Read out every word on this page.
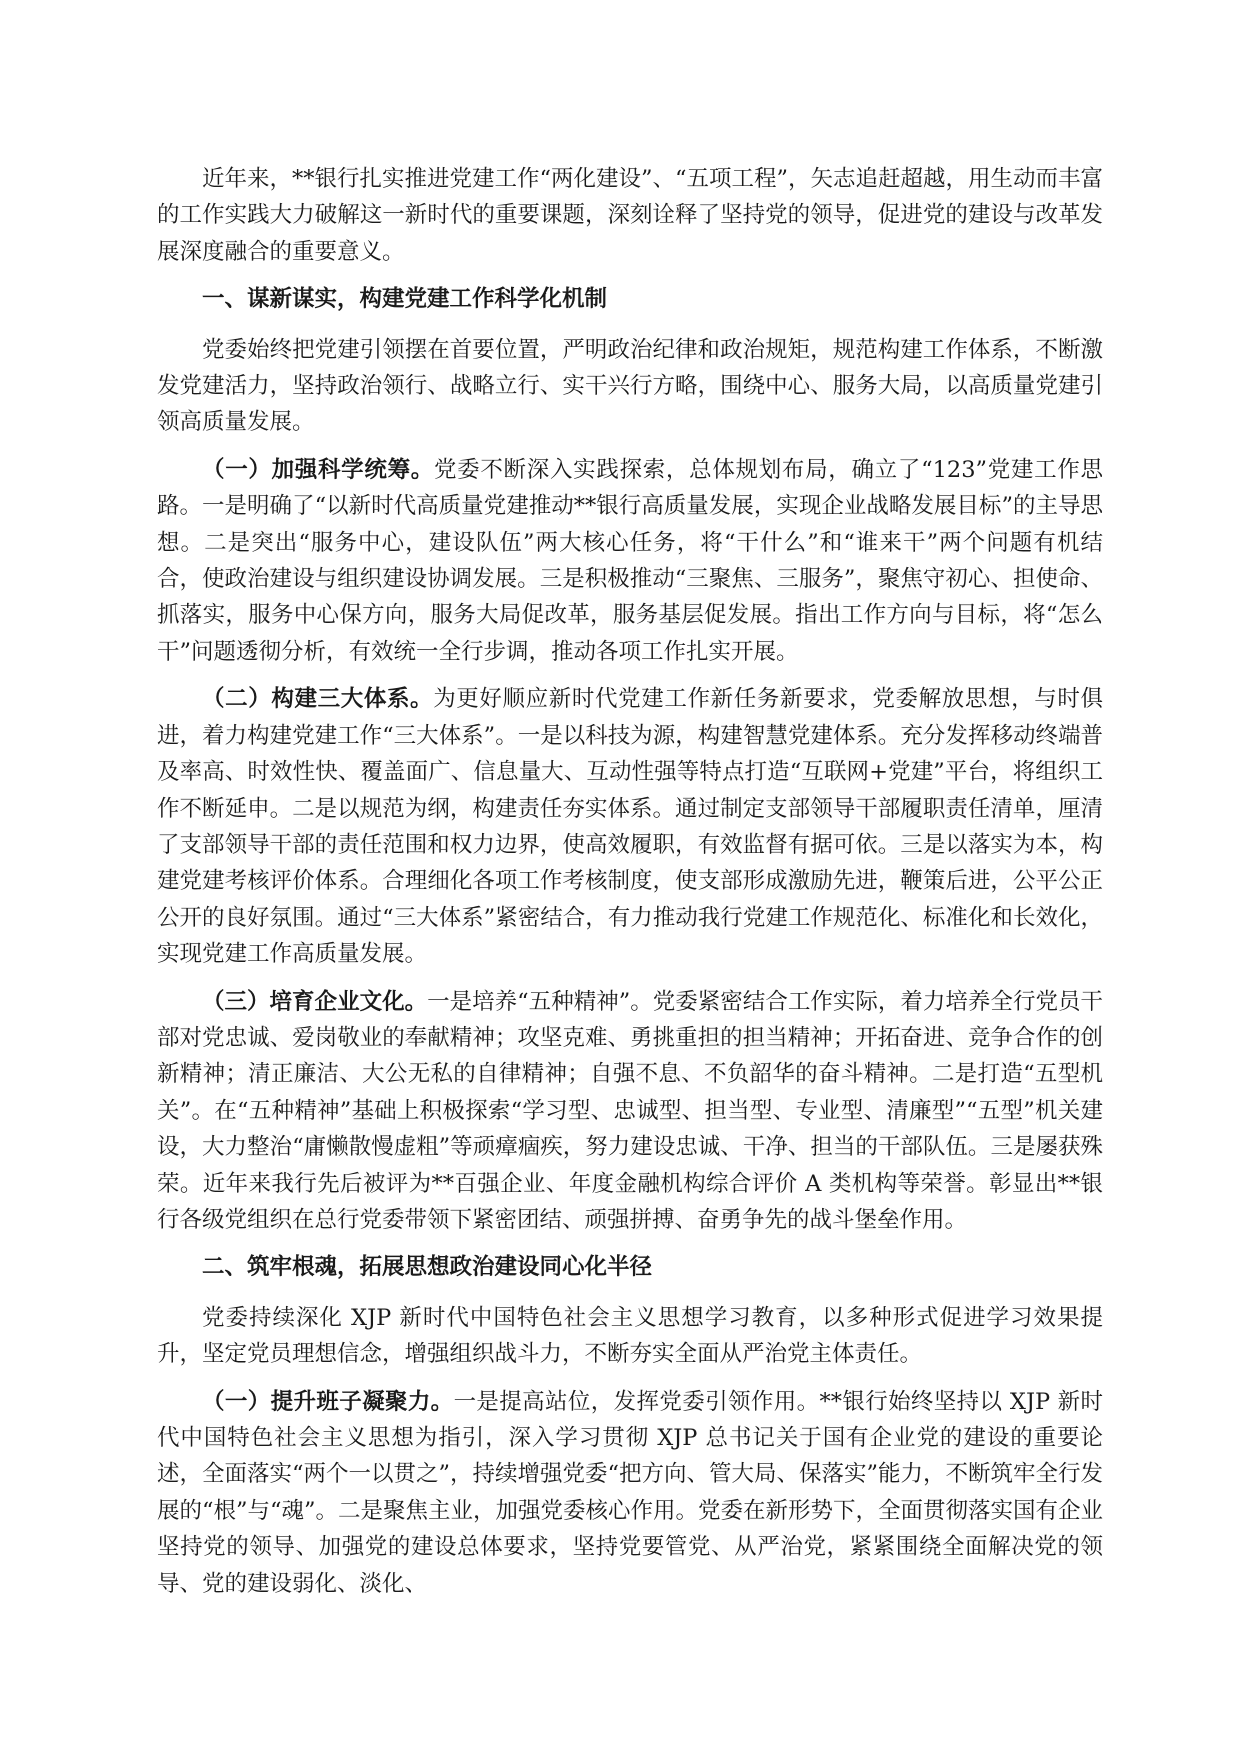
近年来，**银行扎实推进党建工作“两化建设”、“五项工程”，矢志追赶超越，用生动而丰富的工作实践大力破解这一新时代的重要课题，深刻诠释了坚持党的领导，促进党的建设与改革发展深度融合的重要意义。

一、谋新谋实，构建党建工作科学化机制

党委始终把党建引领摆在首要位置，严明政治纪律和政治规矩，规范构建工作体系，不断激发党建活力，坚持政治领行、战略立行、实干兴行方略，围绕中心、服务大局，以高质量党建引领高质量发展。

（一）加强科学统筹。党委不断深入实践探索，总体规划布局，确立了“123”党建工作思路。一是明确了“以新时代高质量党建推动**银行高质量发展，实现企业战略发展目标”的主导思想。二是突出“服务中心，建设队伍”两大核心任务，将“干什么”和“谁来干”两个问题有机结合，使政治建设与组织建设协调发展。三是积极推动“三聚焦、三服务”，聚焦守初心、担使命、抓落实，服务中心保方向，服务大局促改革，服务基层促发展。指出工作方向与目标，将“怎么干”问题透彻分析，有效统一全行步调，推动各项工作扎实开展。

（二）构建三大体系。为更好顺应新时代党建工作新任务新要求，党委解放思想，与时俱进，着力构建党建工作“三大体系”。一是以科技为源，构建智慧党建体系。充分发挥移动终端普及率高、时效性快、覆盖面广、信息量大、互动性强等特点打造“互联网+党建”平台，将组织工作不断延申。二是以规范为纲，构建责任夯实体系。通过制定支部领导干部履职责任清单，厘清了支部领导干部的责任范围和权力边界，使高效履职，有效监督有据可依。三是以落实为本，构建党建考核评价体系。合理细化各项工作考核制度，使支部形成激励先进，鞭策后进，公平公正公开的良好氛围。通过“三大体系”紧密结合，有力推动我行党建工作规范化、标准化和长效化，实现党建工作高质量发展。

（三）培育企业文化。一是培养“五种精神”。党委紧密结合工作实际，着力培养全行党员干部对党忠诚、爱岗敬业的奉献精神；攻坚克难、勇挑重担的担当精神；开拓奋进、竞争合作的创新精神；清正廉洁、大公无私的自律精神；自强不息、不负韶华的奋斗精神。二是打造“五型机关”。在“五种精神”基础上积极探索“学习型、忠诚型、担当型、专业型、清廉型”“五型”机关建设，大力整治“庸懒散慢虚粗”等顽瘴痼疾，努力建设忠诚、干净、担当的干部队伍。三是屡获殊荣。近年来我行先后被评为**百强企业、年度金融机构综合评价 A 类机构等荣誉。彰显出**银行各级党组织在总行党委带领下紧密团结、顽强拼搏、奋勇争先的战斗堡垒作用。

二、筑牢根魂，拓展思想政治建设同心化半径

党委持续深化 XJP 新时代中国特色社会主义思想学习教育，以多种形式促进学习效果提升，坚定党员理想信念，增强组织战斗力，不断夯实全面从严治党主体责任。

（一）提升班子凝聚力。一是提高站位，发挥党委引领作用。**银行始终坚持以 XJP 新时代中国特色社会主义思想为指引，深入学习贯彻 XJP 总书记关于国有企业党的建设的重要论述，全面落实“两个一以贯之”，持续增强党委“把方向、管大局、保落实”能力，不断筑牢全行发展的“根”与“魂”。二是聚焦主业，加强党委核心作用。党委在新形势下，全面贯彻落实国有企业坚持党的领导、加强党的建设总体要求，坚持党要管党、从严治党，紧紧围绕全面解决党的领导、党的建设弱化、淡化、
